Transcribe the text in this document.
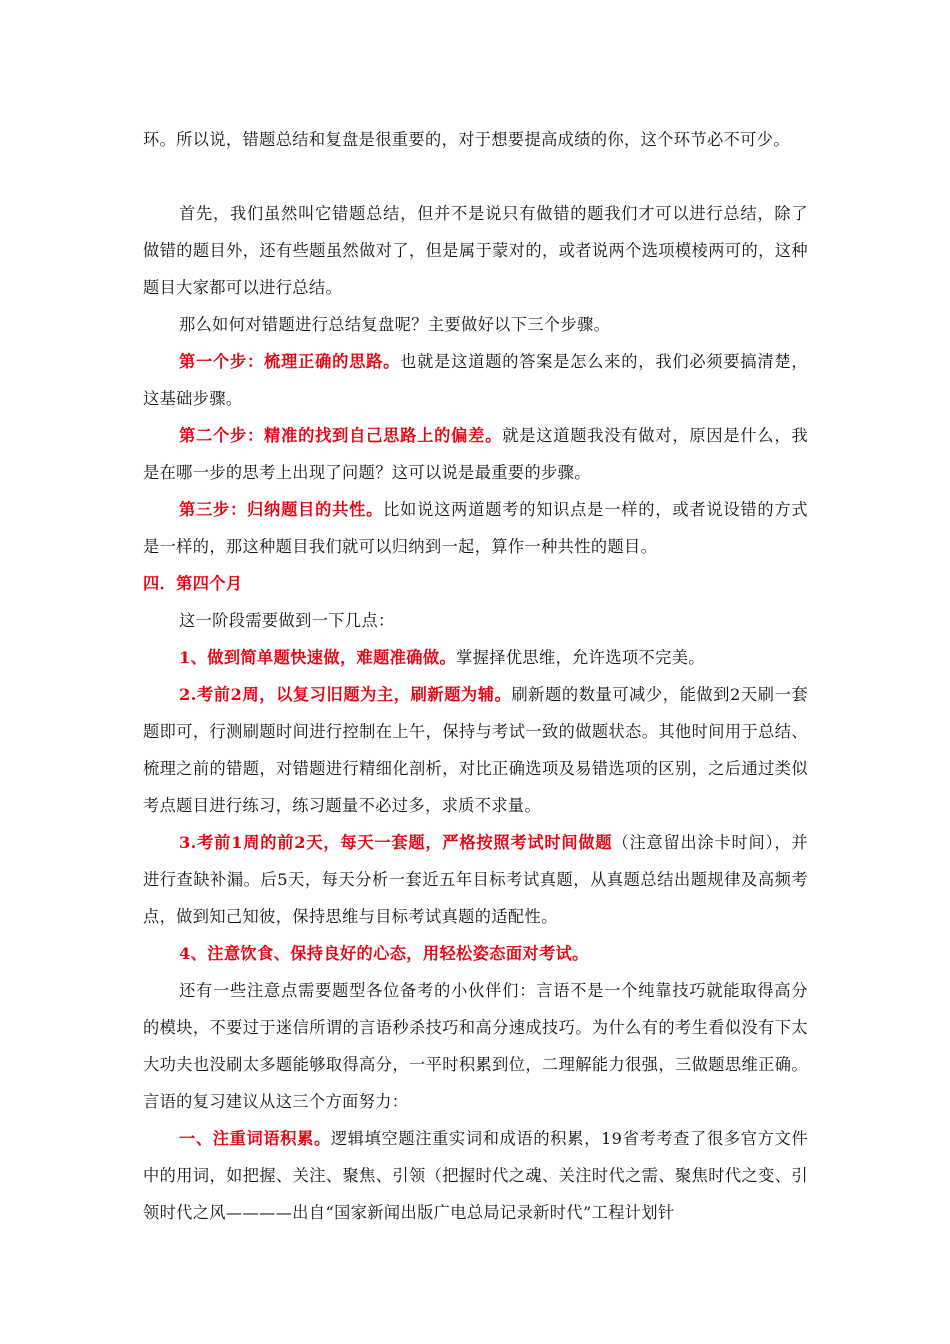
环。所以说，错题总结和复盘是很重要的，对于想要提高成绩的你，这个环节必不可少。

首先，我们虽然叫它错题总结，但并不是说只有做错的题我们才可以进行总结，除了做错的题目外，还有些题虽然做对了，但是属于蒙对的，或者说两个选项模棱两可的，这种题目大家都可以进行总结。

那么如何对错题进行总结复盘呢？主要做好以下三个步骤。

第一个步：梳理正确的思路。也就是这道题的答案是怎么来的，我们必须要搞清楚，这基础步骤。

第二个步：精准的找到自己思路上的偏差。就是这道题我没有做对，原因是什么，我是在哪一步的思考上出现了问题？这可以说是最重要的步骤。

第三步：归纳题目的共性。比如说这两道题考的知识点是一样的，或者说设错的方式是一样的，那这种题目我们就可以归纳到一起，算作一种共性的题目。

四．第四个月

这一阶段需要做到一下几点：

1、做到简单题快速做，难题准确做。掌握择优思维，允许选项不完美。

2.考前2周，以复习旧题为主，刷新题为辅。刷新题的数量可减少，能做到2天刷一套题即可，行测刷题时间进行控制在上午，保持与考试一致的做题状态。其他时间用于总结、梳理之前的错题，对错题进行精细化剖析，对比正确选项及易错选项的区别，之后通过类似考点题目进行练习，练习题量不必过多，求质不求量。

3.考前1周的前2天，每天一套题，严格按照考试时间做题（注意留出涂卡时间），并进行查缺补漏。后5天，每天分析一套近五年目标考试真题，从真题总结出题规律及高频考点，做到知己知彼，保持思维与目标考试真题的适配性。

4、注意饮食、保持良好的心态，用轻松姿态面对考试。

还有一些注意点需要题型各位备考的小伙伴们：言语不是一个纯靠技巧就能取得高分的模块，不要过于迷信所谓的言语秒杀技巧和高分速成技巧。为什么有的考生看似没有下太大功夫也没刷太多题能够取得高分，一平时积累到位，二理解能力很强，三做题思维正确。言语的复习建议从这三个方面努力：

一、注重词语积累。逻辑填空题注重实词和成语的积累，19省考考查了很多官方文件中的用词，如把握、关注、聚焦、引领（把握时代之魂、关注时代之需、聚焦时代之变、引领时代之风————出自“国家新闻出版广电总局记录新时代”工程计划针
